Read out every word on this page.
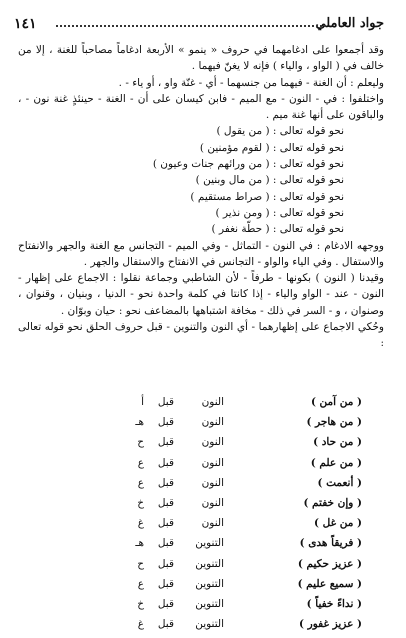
جواد العاملي
١٤١

وقد أجمعوا على ادغامهما في حروف « ينمو » الأربعة ادغاماً مصاحباً للغنة ، إلا من خالف في ( الواو ، والياء ) فإنه لا يغنّ فيهما .

وليعلم : أن الغنة - فيهما من جنسهما - أي - غنّة واو ، أو ياء - .

واختلفوا : في - النون - مع الميم - فابن كيسان على أن - الغنة - حينئذٍ غنة نون - ، والباقون على أنها غنة ميم .

نحو قوله تعالى : ( من يقول )

نحو قوله تعالى : ( لقوم مؤمنين )

نحو قوله تعالى : ( من ورائهم جنات وعيون )

نحو قوله تعالى : ( من مال وبنين )

نحو قوله تعالى : ( صراط مستقيم )

نحو قوله تعالى : ( ومن نذير )

نحو قوله تعالى : ( حطّة نغفر )

ووجهه الادغام : في النون - التماثل - وفي الميم - التجانس مع الغنة والجهر والانفتاح والاستفال . وفي الياء والواو - التجانس في الانفتاح والاستفال والجهر .

وقيدنا ( النون ) بكونها - طرفاً - لأن الشاطبي وجماعة نقلوا : الاجماع على إظهار - النون - عند - الواو والياء - إذا كانتا في كلمة واحدة نحو - الدنيا ، وبنيان ، وقنوان ، وصنوان ، و - السر في ذلك - مخافة اشتباهها بالمضاعف نحو : حيان وبوّان .

وحُكي الاجماع على إظهارهما - أي النون والتنوين - قبل حروف الحلق نحو قوله تعالى :

( من آمن )
النون
قبل
أ
( من هاجر )
النون
قبل
هـ
( من حاد )
النون
قبل
ح
( من علم )
النون
قبل
ع
( أنعمت )
النون
قبل
ع
( وإن خفتم )
النون
قبل
خ
( من غل )
النون
قبل
غ
( فريقاً هدى )
التنوين
قبل
هـ
( عزيز حكيم )
التنوين
قبل
ح
( سميع عليم )
التنوين
قبل
ع
( نداءً خفياً )
التنوين
قبل
خ
( عزيز غفور )
التنوين
قبل
غ
